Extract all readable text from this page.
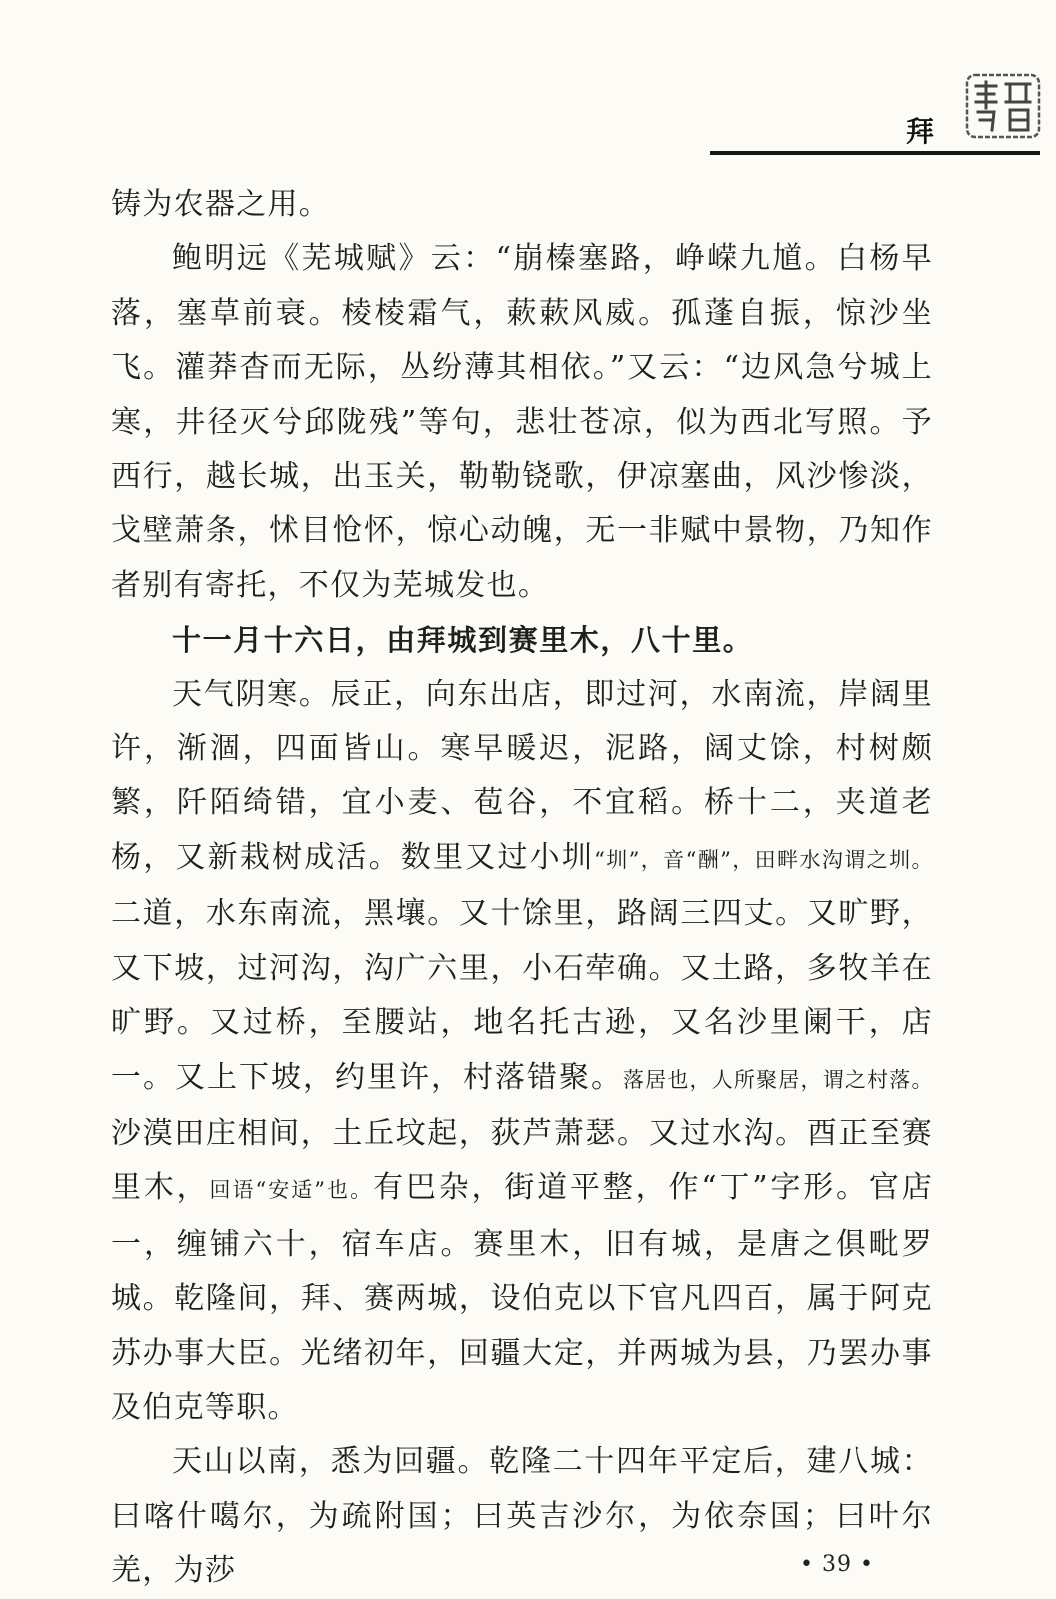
拜

铸为农器之用。

鲍明远《芜城赋》云：“崩榛塞路，峥嵘九馗。白杨早落，塞草前衰。棱棱霜气，蔌蔌风威。孤蓬自振，惊沙坐飞。灌莽杳而无际，丛纷薄其相依。”又云：“边风急兮城上寒，井径灭兮邱陇残”等句，悲壮苍凉，似为西北写照。予西行，越长城，出玉关，勒勒铙歌，伊凉塞曲，风沙惨淡，戈壁萧条，怵目怆怀，惊心动魄，无一非赋中景物，乃知作者别有寄托，不仅为芜城发也。

十一月十六日，由拜城到赛里木，八十里。

天气阴寒。辰正，向东出店，即过河，水南流，岸阔里许，渐涸，四面皆山。寒早暖迟，泥路，阔丈馀，村树颇繁，阡陌绮错，宜小麦、苞谷，不宜稻。桥十二，夹道老杨，又新栽树成活。数里又过小圳“圳”，音“酬”，田畔水沟谓之圳。二道，水东南流，黑壤。又十馀里，路阔三四丈。又旷野，又下坡，过河沟，沟广六里，小石荦确。又土路，多牧羊在旷野。又过桥，至腰站，地名托古逊，又名沙里阑干，店一。又上下坡，约里许，村落错聚。落居也，人所聚居，谓之村落。沙漠田庄相间，土丘坟起，荻芦萧瑟。又过水沟。酉正至赛里木，回语“安适”也。有巴杂，街道平整，作“丁”字形。官店一，缠铺六十，宿车店。赛里木，旧有城，是唐之俱毗罗城。乾隆间，拜、赛两城，设伯克以下官凡四百，属于阿克苏办事大臣。光绪初年，回疆大定，并两城为县，乃罢办事及伯克等职。

天山以南，悉为回疆。乾隆二十四年平定后，建八城：曰喀什噶尔，为疏附国；曰英吉沙尔，为依奈国；曰叶尔羌，为莎	• 39 •
